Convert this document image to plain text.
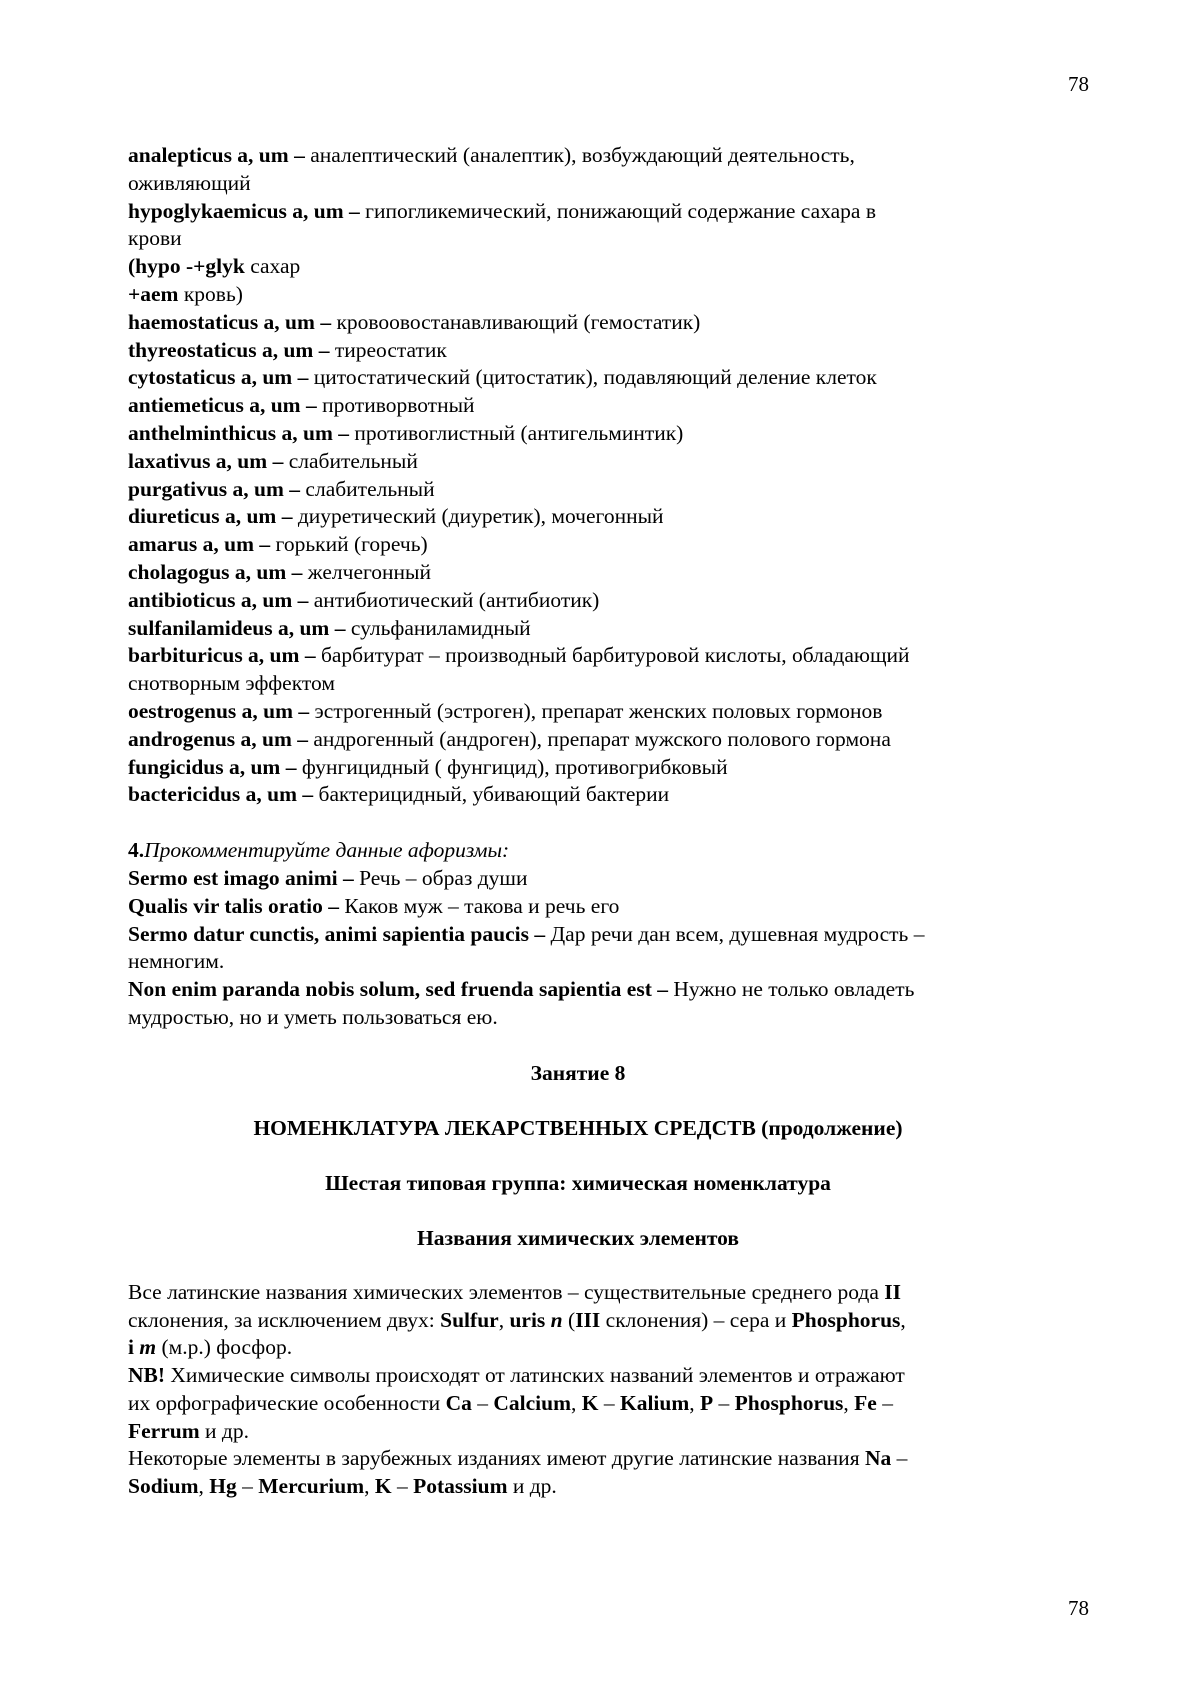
78

analepticus a, um – аналептический (аналептик), возбуждающий деятельность,

оживляющий

hypoglykaemicus a, um – гипогликемический, понижающий содержание сахара в

крови

(hypo -+glyk сахар

+aem кровь)

haemostaticus a, um – кровоовостанавливающий (гемостатик)

thyreostaticus a, um – тиреостатик

cytostaticus a, um – цитостатический (цитостатик), подавляющий деление клеток

antiemeticus a, um – противорвотный

anthelminthicus a, um – противоглистный (антигельминтик)

laxativus a, um – слабительный

purgativus a, um – слабительный

diureticus a, um – диуретический (диуретик), мочегонный

amarus a, um – горький (горечь)

cholagogus a, um – желчегонный

antibioticus a, um – антибиотический (антибиотик)

sulfanilamideus a, um – сульфаниламидный

barbituricus a, um – барбитурат – производный барбитуровой кислоты, обладающий

снотворным эффектом

oestrogenus a, um – эстрогенный (эстроген), препарат женских половых гормонов

androgenus a, um – андрогенный (андроген), препарат мужского полового гормона

fungicidus a, um – фунгицидный ( фунгицид), противогрибковый

bactericidus a, um – бактерицидный, убивающий бактерии

4.Прокомментируйте данные афоризмы:

Sermo est imago animi – Речь – образ души

Qualis vir talis oratio – Каков муж – такова и речь его

Sermo datur cunctis, animi sapientia paucis – Дар речи дан всем, душевная мудрость –

немногим.

Non enim paranda nobis solum, sed fruenda sapientia est – Нужно не только овладеть

мудростью, но и уметь пользоваться ею.

Занятие 8

НОМЕНКЛАТУРА ЛЕКАРСТВЕННЫХ СРЕДСТВ (продолжение)

Шестая типовая группа: химическая номенклатура

Названия химических элементов

Все латинские названия химических элементов – существительные среднего рода II

склонения, за исключением двух: Sulfur, uris n (III склонения) – сера и Phosphorus,

i m (м.р.) фосфор.

NB! Химические символы происходят от латинских названий элементов и отражают

их орфографические особенности Ca – Calcium, K – Kalium, P – Phosphorus, Fe –

Ferrum и др.

Некоторые элементы в зарубежных изданиях имеют другие латинские названия Na –

Sodium, Hg – Mercurium, K – Potassium и др.

78
